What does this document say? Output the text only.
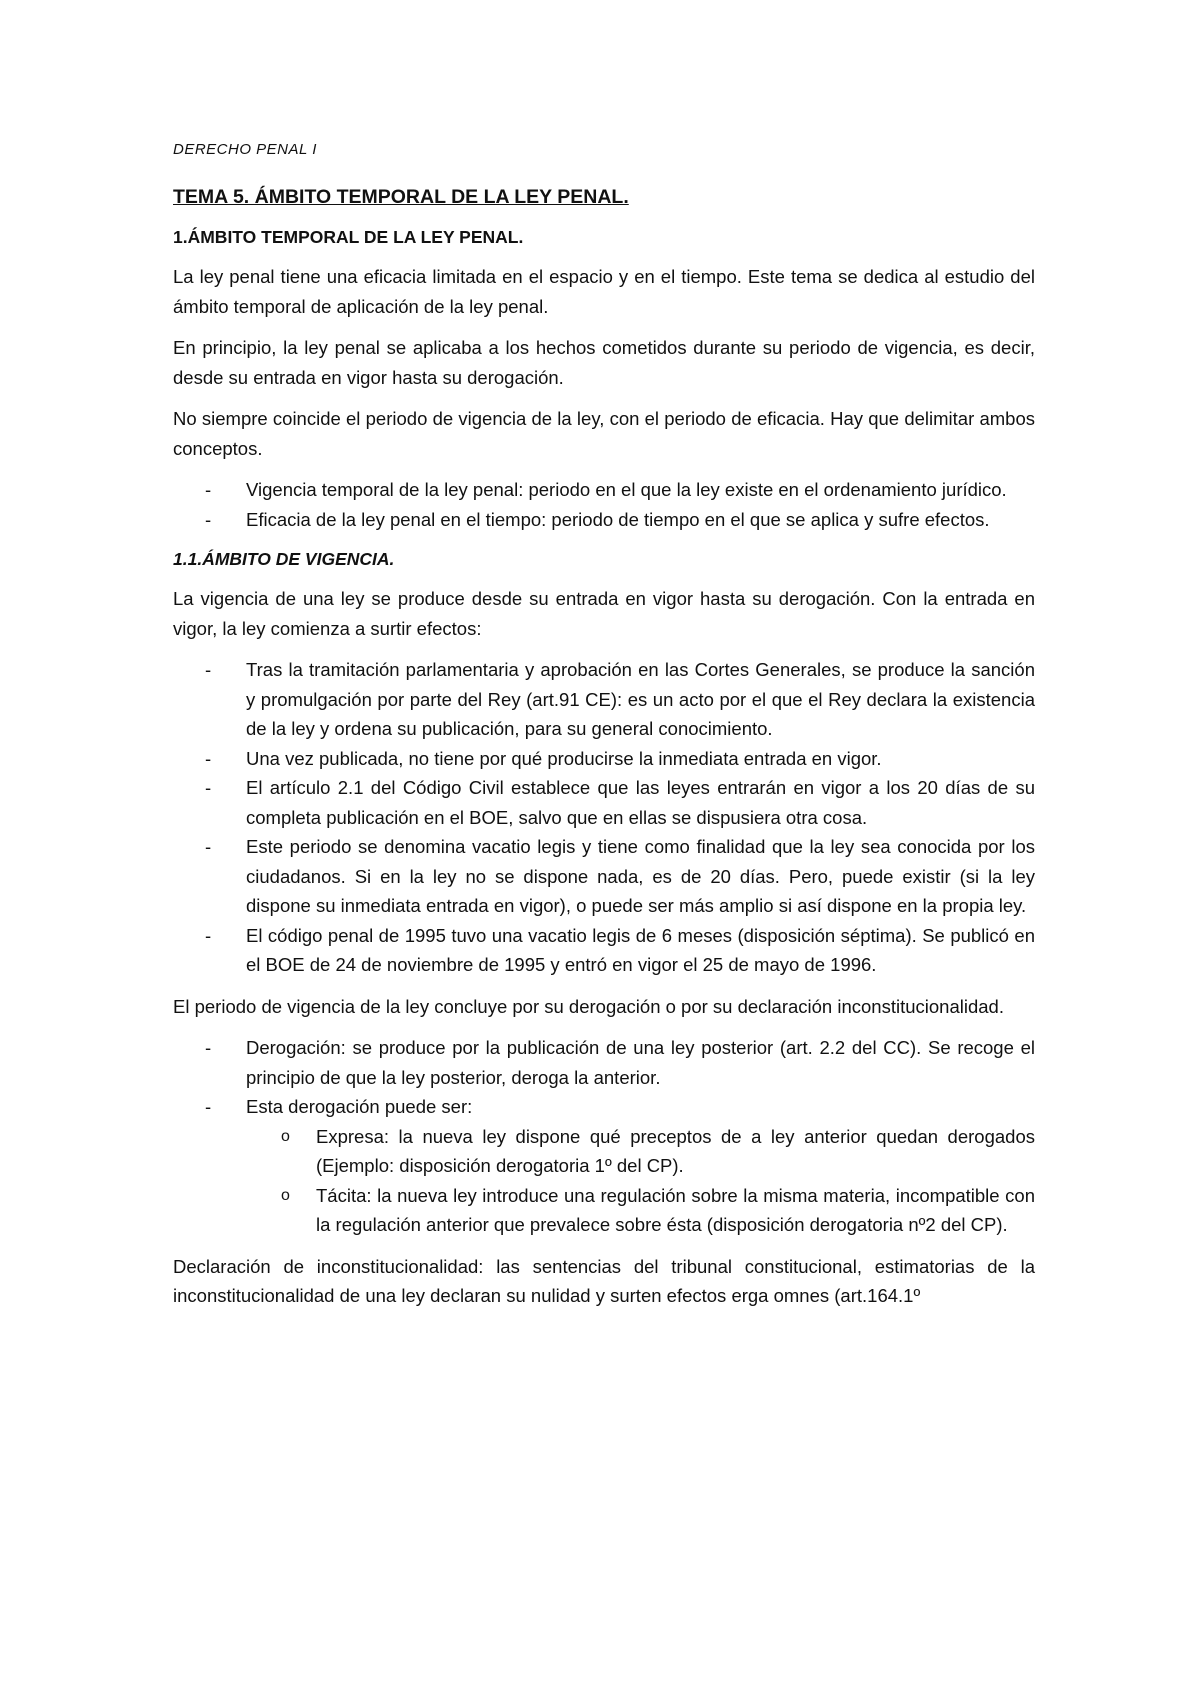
DERECHO PENAL I

TEMA 5. ÁMBITO TEMPORAL DE LA LEY PENAL.
1.ÁMBITO TEMPORAL DE LA LEY PENAL.

La ley penal tiene una eficacia limitada en el espacio y en el tiempo. Este tema se dedica al estudio del ámbito temporal de aplicación de la ley penal.

En principio, la ley penal se aplicaba a los hechos cometidos durante su periodo de vigencia, es decir, desde su entrada en vigor hasta su derogación.

No siempre coincide el periodo de vigencia de la ley, con el periodo de eficacia. Hay que delimitar ambos conceptos.

- Vigencia temporal de la ley penal: periodo en el que la ley existe en el ordenamiento jurídico.
- Eficacia de la ley penal en el tiempo: periodo de tiempo en el que se aplica y sufre efectos.
1.1.ÁMBITO DE VIGENCIA.

La vigencia de una ley se produce desde su entrada en vigor hasta su derogación. Con la entrada en vigor, la ley comienza a surtir efectos:

- Tras la tramitación parlamentaria y aprobación en las Cortes Generales, se produce la sanción y promulgación por parte del Rey (art.91 CE): es un acto por el que el Rey declara la existencia de la ley y ordena su publicación, para su general conocimiento.
- Una vez publicada, no tiene por qué producirse la inmediata entrada en vigor.
- El artículo 2.1 del Código Civil establece que las leyes entrarán en vigor a los 20 días de su completa publicación en el BOE, salvo que en ellas se dispusiera otra cosa.
- Este periodo se denomina vacatio legis y tiene como finalidad que la ley sea conocida por los ciudadanos. Si en la ley no se dispone nada, es de 20 días. Pero, puede existir (si la ley dispone su inmediata entrada en vigor), o puede ser más amplio si así dispone en la propia ley.
- El código penal de 1995 tuvo una vacatio legis de 6 meses (disposición séptima). Se publicó en el BOE de 24 de noviembre de 1995 y entró en vigor el 25 de mayo de 1996.

El periodo de vigencia de la ley concluye por su derogación o por su declaración inconstitucionalidad.

- Derogación: se produce por la publicación de una ley posterior (art. 2.2 del CC). Se recoge el principio de que la ley posterior, deroga la anterior.
- Esta derogación puede ser:
o Expresa: la nueva ley dispone qué preceptos de a ley anterior quedan derogados (Ejemplo: disposición derogatoria 1º del CP).
o Tácita: la nueva ley introduce una regulación sobre la misma materia, incompatible con la regulación anterior que prevalece sobre ésta (disposición derogatoria nº2 del CP).

Declaración de inconstitucionalidad: las sentencias del tribunal constitucional, estimatorias de la inconstitucionalidad de una ley declaran su nulidad y surten efectos erga omnes (art.164.1º
